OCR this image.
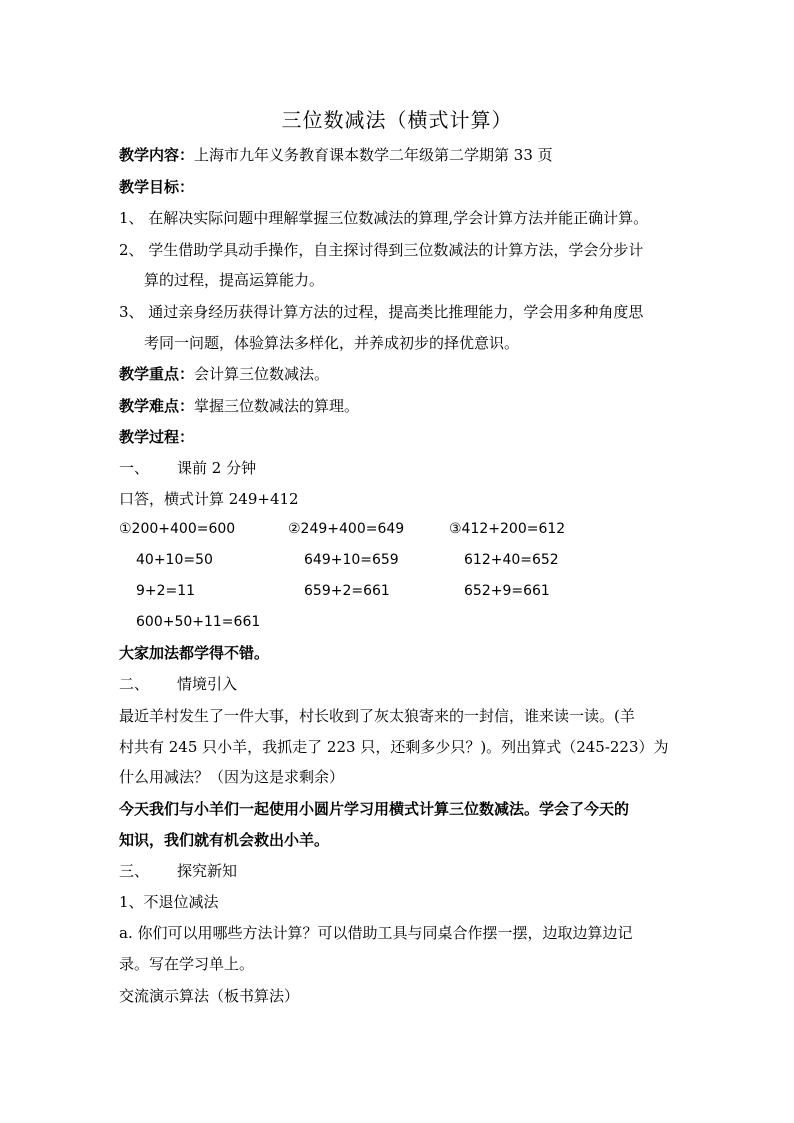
三位数减法（横式计算）
教学内容：上海市九年义务教育课本数学二年级第二学期第 33 页
教学目标：
1、 在解决实际问题中理解掌握三位数减法的算理,学会计算方法并能正确计算。
2、 学生借助学具动手操作，自主探讨得到三位数减法的计算方法，学会分步计
算的过程，提高运算能力。
3、 通过亲身经历获得计算方法的过程，提高类比推理能力，学会用多种角度思
考同一问题，体验算法多样化，并养成初步的择优意识。
教学重点：会计算三位数减法。
教学难点：掌握三位数减法的算理。
教学过程：
一、 课前 2 分钟
口答，横式计算 249+412
①200+400=600	②249+400=649	③412+200=612
40+10=50	649+10=659	612+40=652
9+2=11	659+2=661	652+9=661
600+50+11=661
大家加法都学得不错。
二、 情境引入
最近羊村发生了一件大事，村长收到了灰太狼寄来的一封信，谁来读一读。(羊
村共有 245 只小羊，我抓走了 223 只，还剩多少只？)。列出算式（245-223）为
什么用减法？（因为这是求剩余）
今天我们与小羊们一起使用小圆片学习用横式计算三位数减法。学会了今天的
知识，我们就有机会救出小羊。
三、 探究新知
1、不退位减法
a. 你们可以用哪些方法计算？可以借助工具与同桌合作摆一摆，边取边算边记
录。写在学习单上。
交流演示算法（板书算法）
